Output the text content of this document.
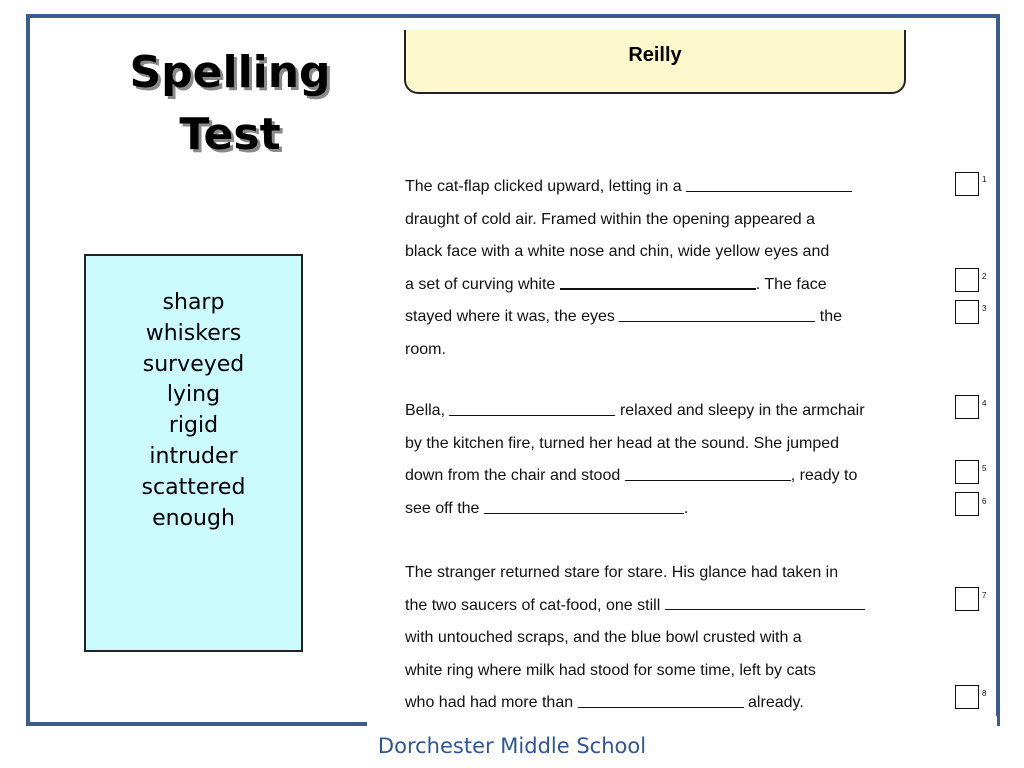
Spelling
Test
sharp
whiskers
surveyed
lying
rigid
intruder
scattered
enough
Reilly
The cat-flap clicked upward, letting in a
draught of cold air. Framed within the opening appeared a
black face with a white nose and chin, wide yellow eyes and
a set of curving white	. The face
stayed where it was, the eyes	the
room.
Bella,	relaxed and sleepy in the armchair
by the kitchen fire, turned her head at the sound. She jumped
down from the chair and stood	, ready to
see off the	.
The stranger returned stare for stare. His glance had taken in
the two saucers of cat-food, one still
with untouched scraps, and the blue bowl crusted with a
white ring where milk had stood for some time, left by cats
who had had more than	already.
1
2
3
4
5
6
7
8
Dorchester Middle School
